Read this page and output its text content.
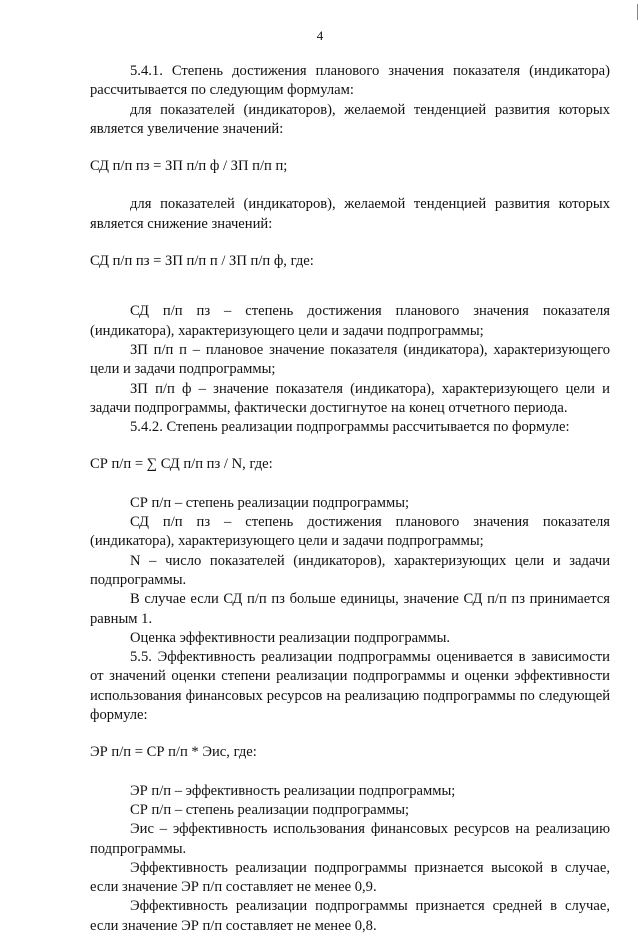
4

5.4.1. Степень достижения планового значения показателя (индикатора) рассчитывается по следующим формулам:

для показателей (индикаторов), желаемой тенденцией развития которых является увеличение значений:

СД п/п пз = ЗП п/п ф / ЗП п/п п;

для показателей (индикаторов), желаемой тенденцией развития которых является снижение значений:

СД п/п пз = ЗП п/п п / ЗП п/п ф, где:

СД п/п пз – степень достижения планового значения показателя (индикатора), характеризующего цели и задачи подпрограммы;

ЗП п/п п – плановое значение показателя (индикатора), характеризующего цели и задачи подпрограммы;

ЗП п/п ф – значение показателя (индикатора), характеризующего цели и задачи подпрограммы, фактически достигнутое на конец отчетного периода.

5.4.2. Степень реализации подпрограммы рассчитывается по формуле:

СР п/п = ∑ СД п/п пз / N, где:

СР п/п – степень реализации подпрограммы;

СД п/п пз – степень достижения планового значения показателя (индикатора), характеризующего цели и задачи подпрограммы;

N – число показателей (индикаторов), характеризующих цели и задачи подпрограммы.

В случае если СД п/п пз больше единицы, значение СД п/п пз принимается равным 1.

Оценка эффективности реализации подпрограммы.

5.5. Эффективность реализации подпрограммы оценивается в зависимости от значений оценки степени реализации подпрограммы и оценки эффективности использования финансовых ресурсов на реализацию подпрограммы по следующей формуле:

ЭР п/п = СР п/п * Эис, где:

ЭР п/п – эффективность реализации подпрограммы;

СР п/п – степень реализации подпрограммы;

Эис – эффективность использования финансовых ресурсов на реализацию подпрограммы.

Эффективность реализации подпрограммы признается высокой в случае, если значение ЭР п/п составляет не менее 0,9.

Эффективность реализации подпрограммы признается средней в случае, если значение ЭР п/п составляет не менее 0,8.
